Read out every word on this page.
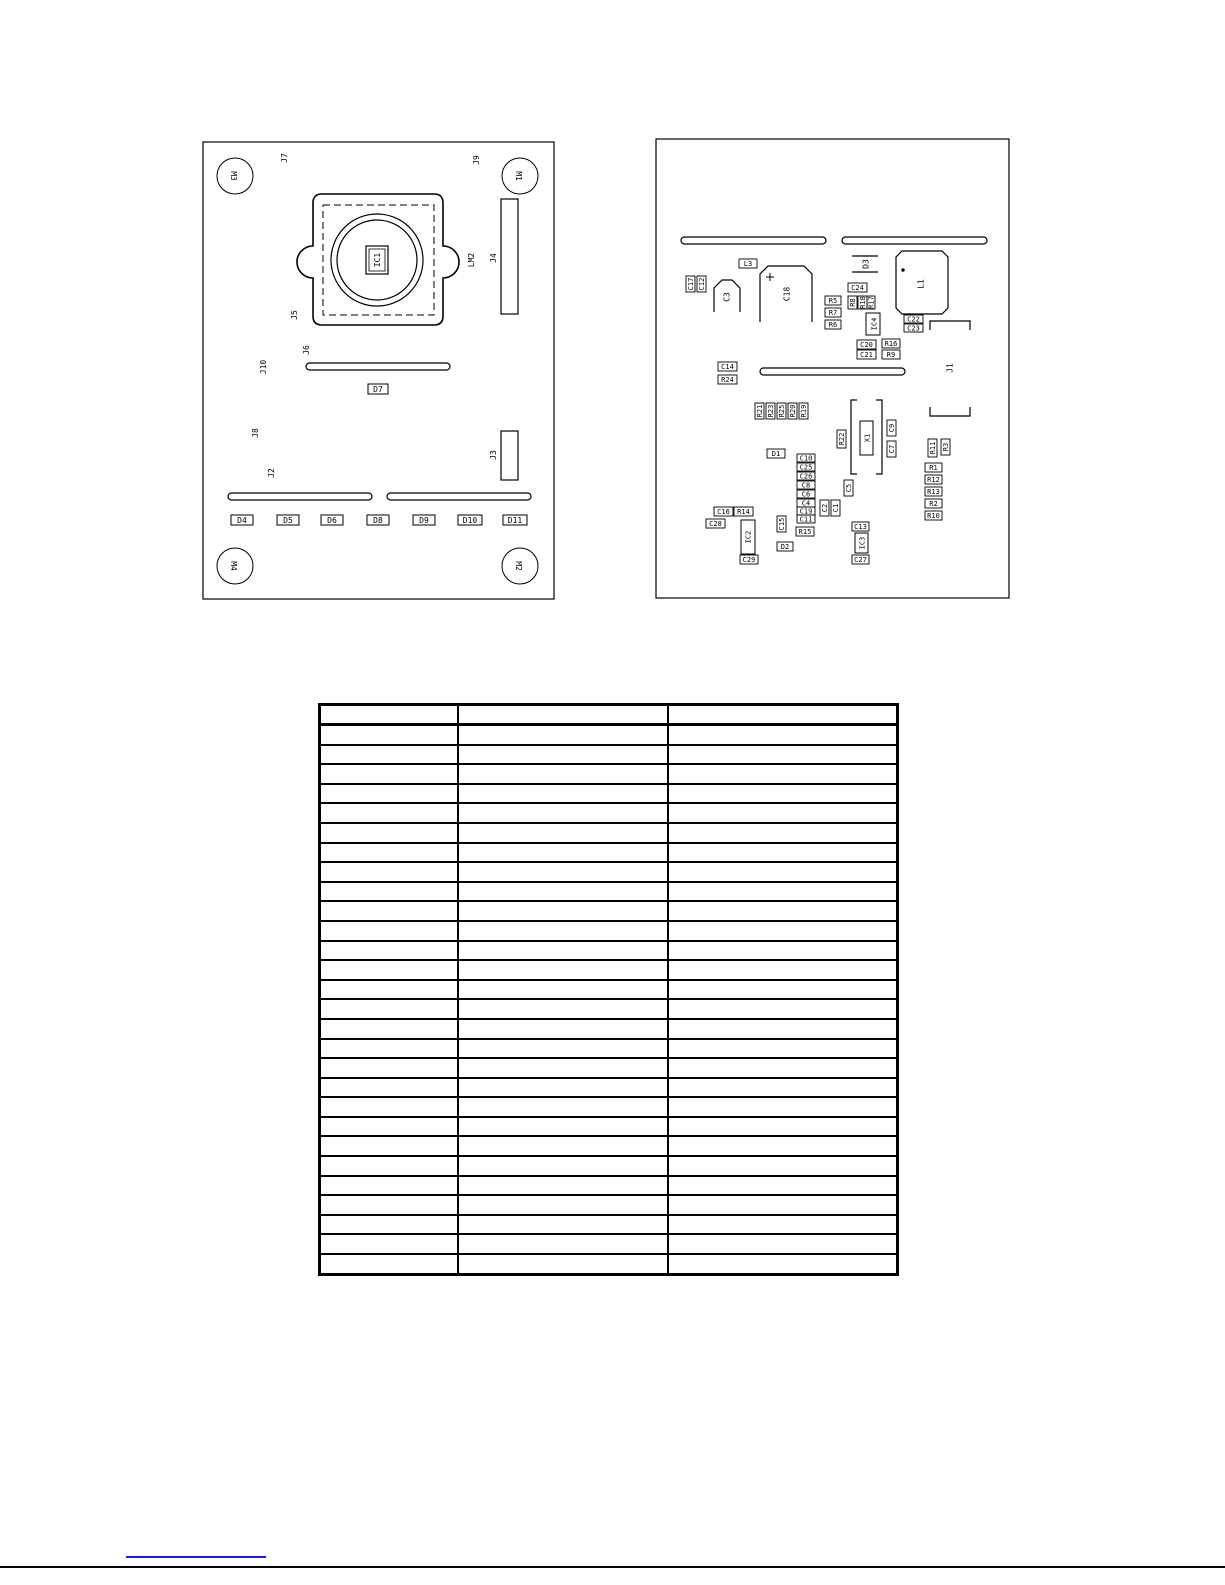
M3	M1
M4	M2
J7	J9
J4
J5
J6
J10
J8
J2
J3
IC1	LM2
D7
D4	D5	D6	D8	D9	D10	D11
L3
C17 C12	C24
R5
R7
R6
R8 R18 R17
C22
C23
C20 R16
C21 R9
C14
R24
R21 R23 R25 R20 R19
R22
C9
C7
D1
C10
C25
C26
C8
C6
C4
C19
C11
C5
C2 C1
R11 R3
R1
R12
R13
R2
R10
C16 R14
C28	C15
R15
D2
C29
C13
C27
C3	C18
D3
L1
IC4
J1
X1
IC2	IC3
